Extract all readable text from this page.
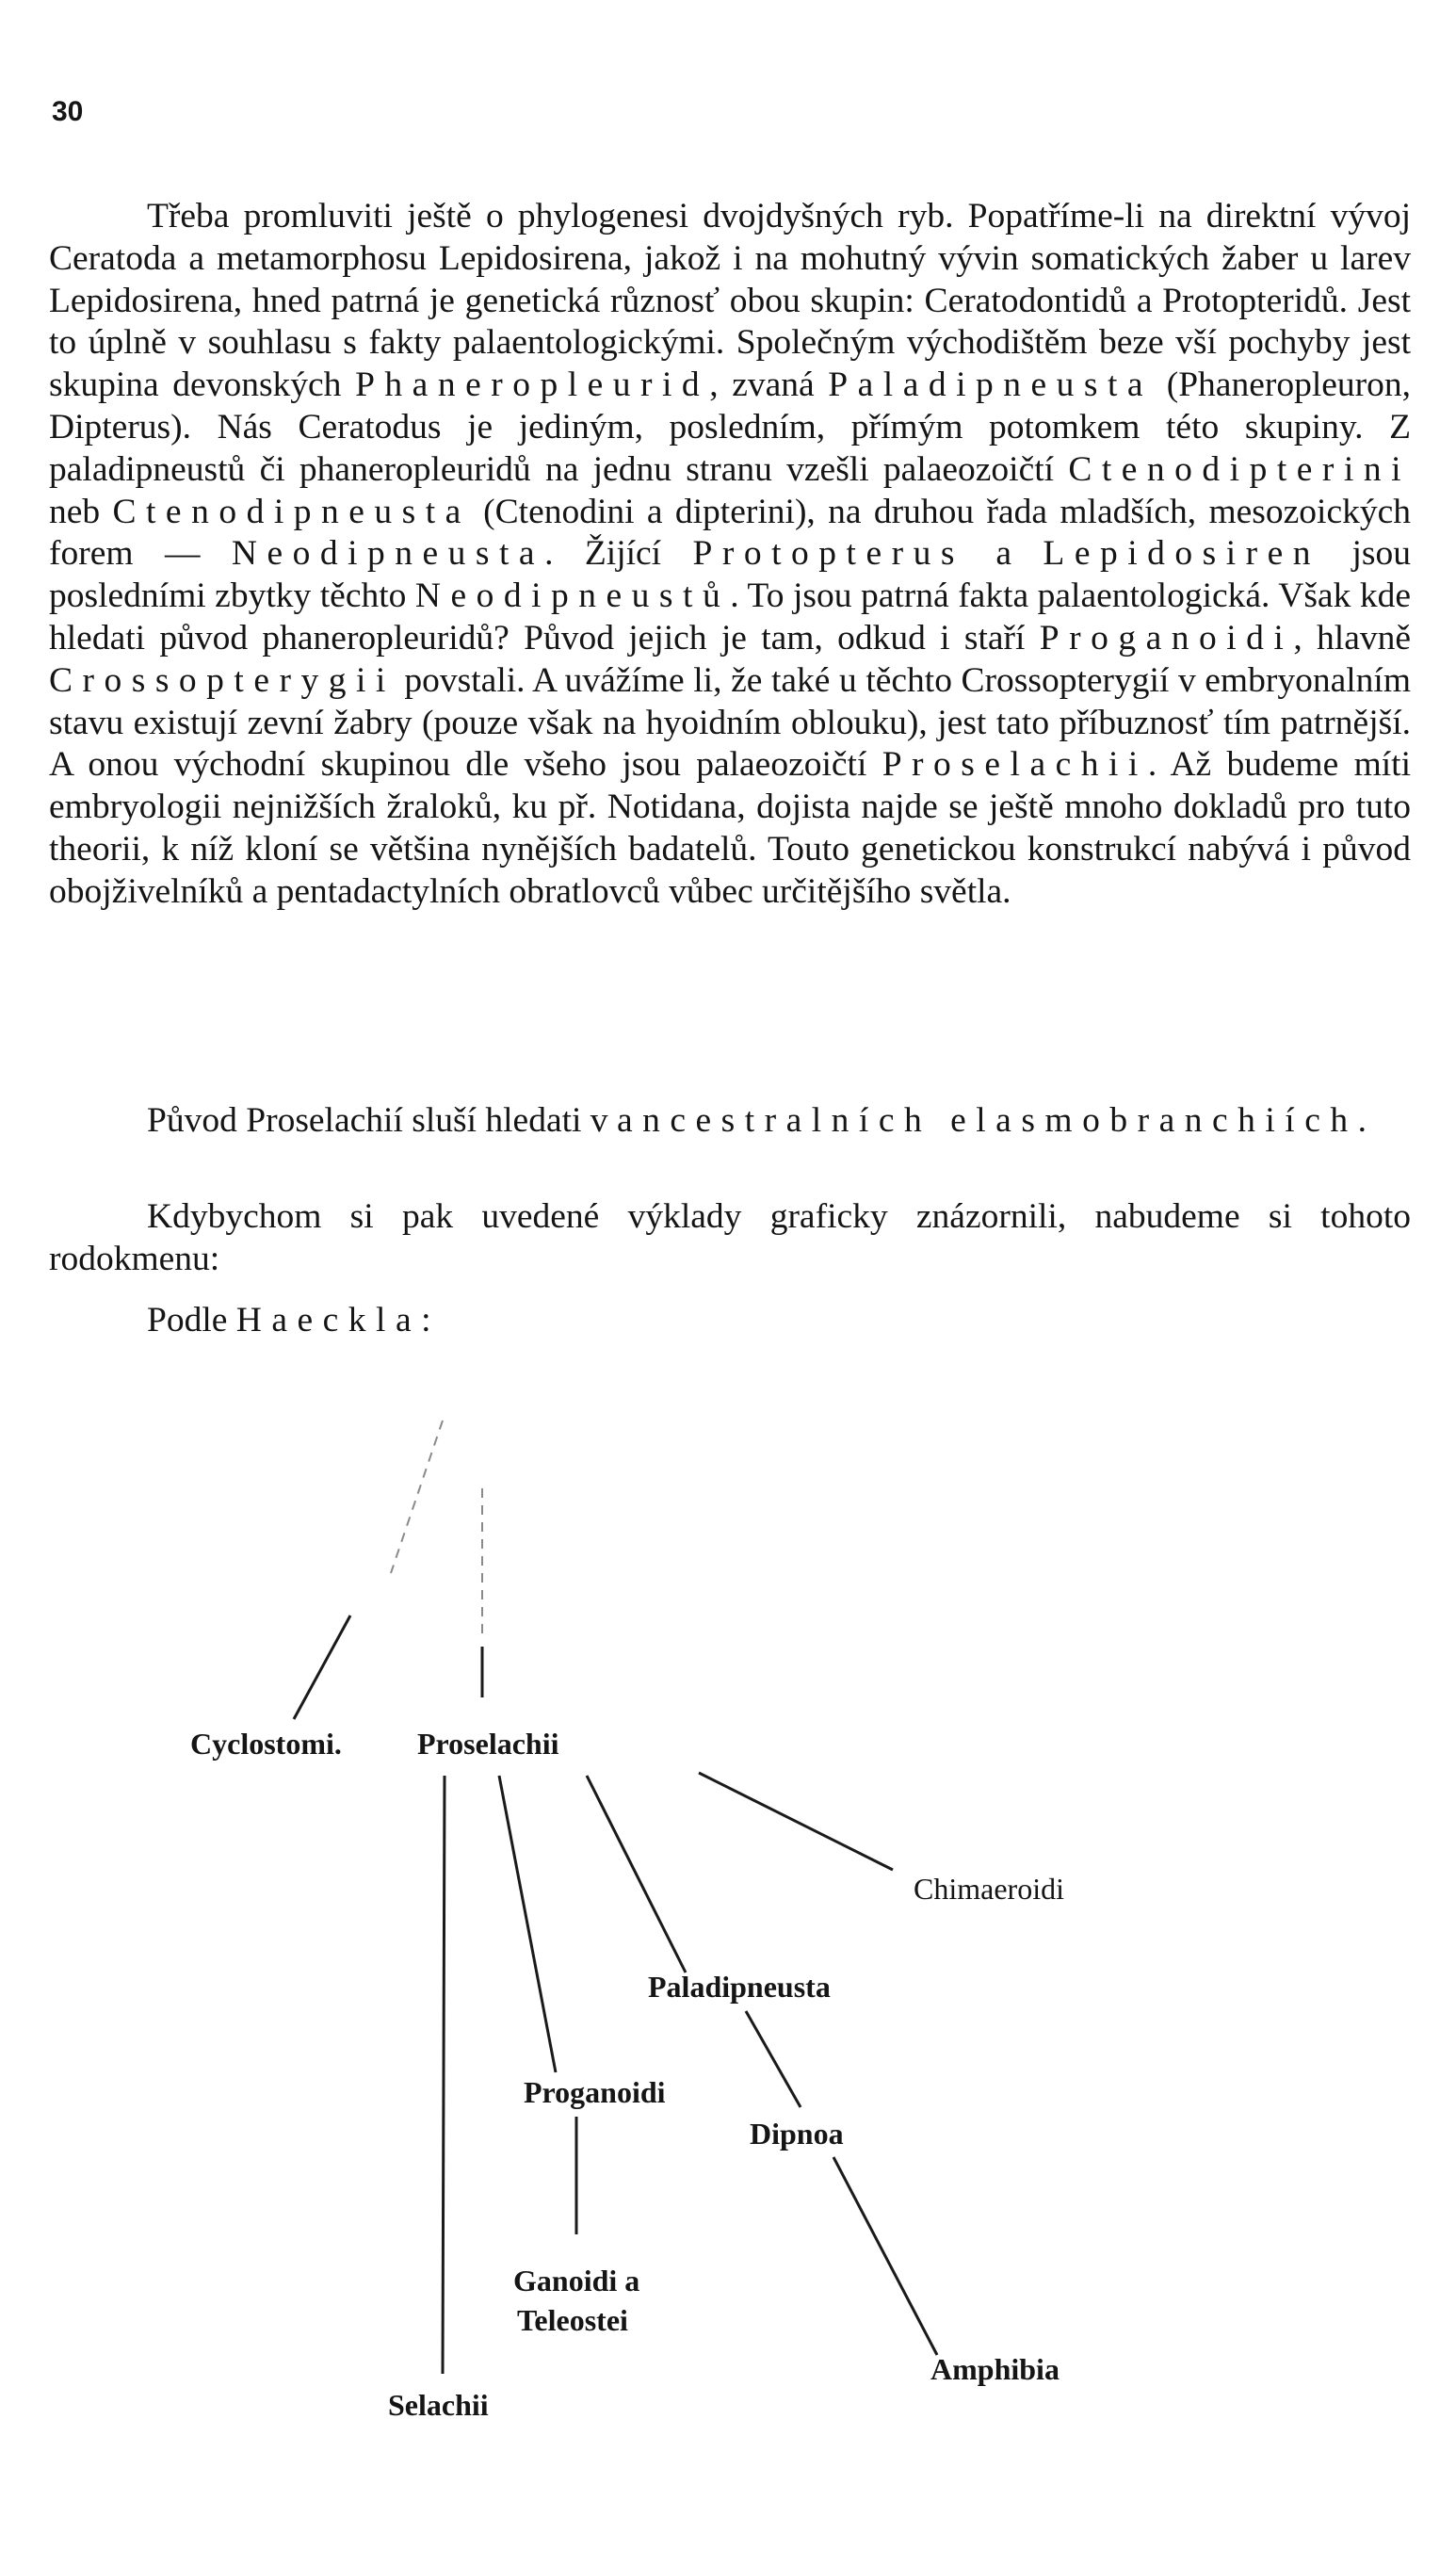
30

Třeba promluviti ještě o phylogenesi dvojdyšných ryb. Popatříme-li na direktní vývoj Ceratoda a metamorphosu Lepidosirena, jakož i na mohutný vývin somatických žaber u larev Lepidosirena, hned patrná je genetická různosť obou skupin: Ceratodontidů a Protopteridů. Jest to úplně v souhlasu s fakty palaentologickými. Společným východištěm beze vší pochyby jest skupina devonských Phaneropleurid, zvaná Paladipneusta (Phaneropleuron, Dipterus). Nás Ceratodus je jediným, posledním, přímým potomkem této skupiny. Z paladipneustů či phaneropleuridů na jednu stranu vzešli palaeozoičtí Ctenodipterini neb Ctenodipneusta (Ctenodini a dipterini), na druhou řada mladších, mesozoických forem — Neodipneusta. Žijící Protopterus a Lepidosiren jsou posledními zbytky těchto Neodipneustů. To jsou patrná fakta palaentologická. Však kde hledati původ phaneropleuridů? Původ jejich je tam, odkud i staří Proganoidi, hlavně Crossopterygii povstali. A uvážíme li, že také u těchto Crossopterygií v embryonalním stavu existují zevní žabry (pouze však na hyoidním oblouku), jest tato příbuznosť tím patrnější. A onou východní skupinou dle všeho jsou palaeozoičtí Proselachii. Až budeme míti embryologii nejnižších žraloků, ku př. Notidana, dojista najde se ještě mnoho dokladů pro tuto theorii, k níž kloní se většina nynějších badatelů. Touto genetickou konstrukcí nabývá i původ obojživelníků a pentadactylních obratlovců vůbec určitějšího světla.

Původ Proselachií sluší hledati v ancestralních elasmobranchiích.

Kdybychom si pak uvedené výklady graficky znázornili, nabudeme si tohoto rodokmenu:

Podle Haeckla:

Cyclostomi.	Proselachii
Chimaeroidi
Paladipneusta
Proganoidi
Dipnoa
Ganoidi a
Teleostei
Amphibia
Selachii
